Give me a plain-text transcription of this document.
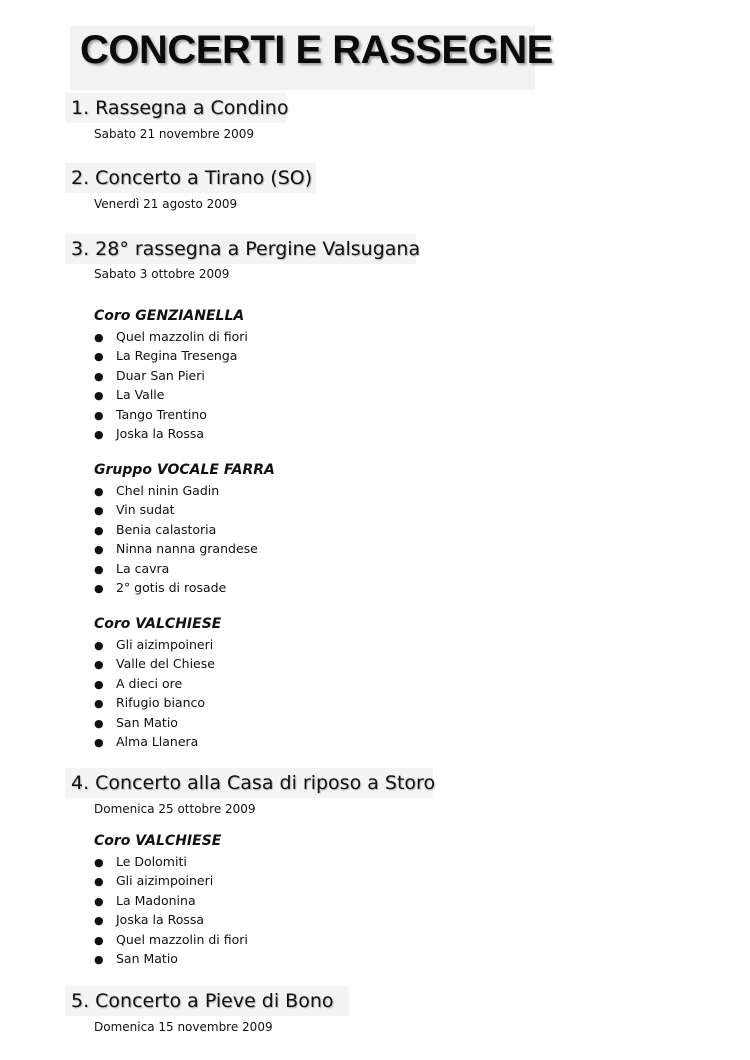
CONCERTI E RASSEGNE
1. Rassegna a Condino
Sabato 21 novembre 2009
2. Concerto a Tirano (SO)
Venerdì 21 agosto 2009
3. 28° rassegna a Pergine Valsugana
Sabato 3 ottobre 2009
Coro GENZIANELLA
● Quel mazzolin di fiori
● La Regina Tresenga
● Duar San Pieri
● La Valle
● Tango Trentino
● Joska la Rossa
Gruppo VOCALE FARRA
● Chel ninin Gadin
● Vin sudat
● Benia calastoria
● Ninna nanna grandese
● La cavra
● 2° gotis di rosade
Coro VALCHIESE
● Gli aizimpoineri
● Valle del Chiese
● A dieci ore
● Rifugio bianco
● San Matio
● Alma Llanera
4. Concerto alla Casa di riposo a Storo
Domenica 25 ottobre 2009
Coro VALCHIESE
● Le Dolomiti
● Gli aizimpoineri
● La Madonina
● Joska la Rossa
● Quel mazzolin di fiori
● San Matio
5. Concerto a Pieve di Bono
Domenica 15 novembre 2009
